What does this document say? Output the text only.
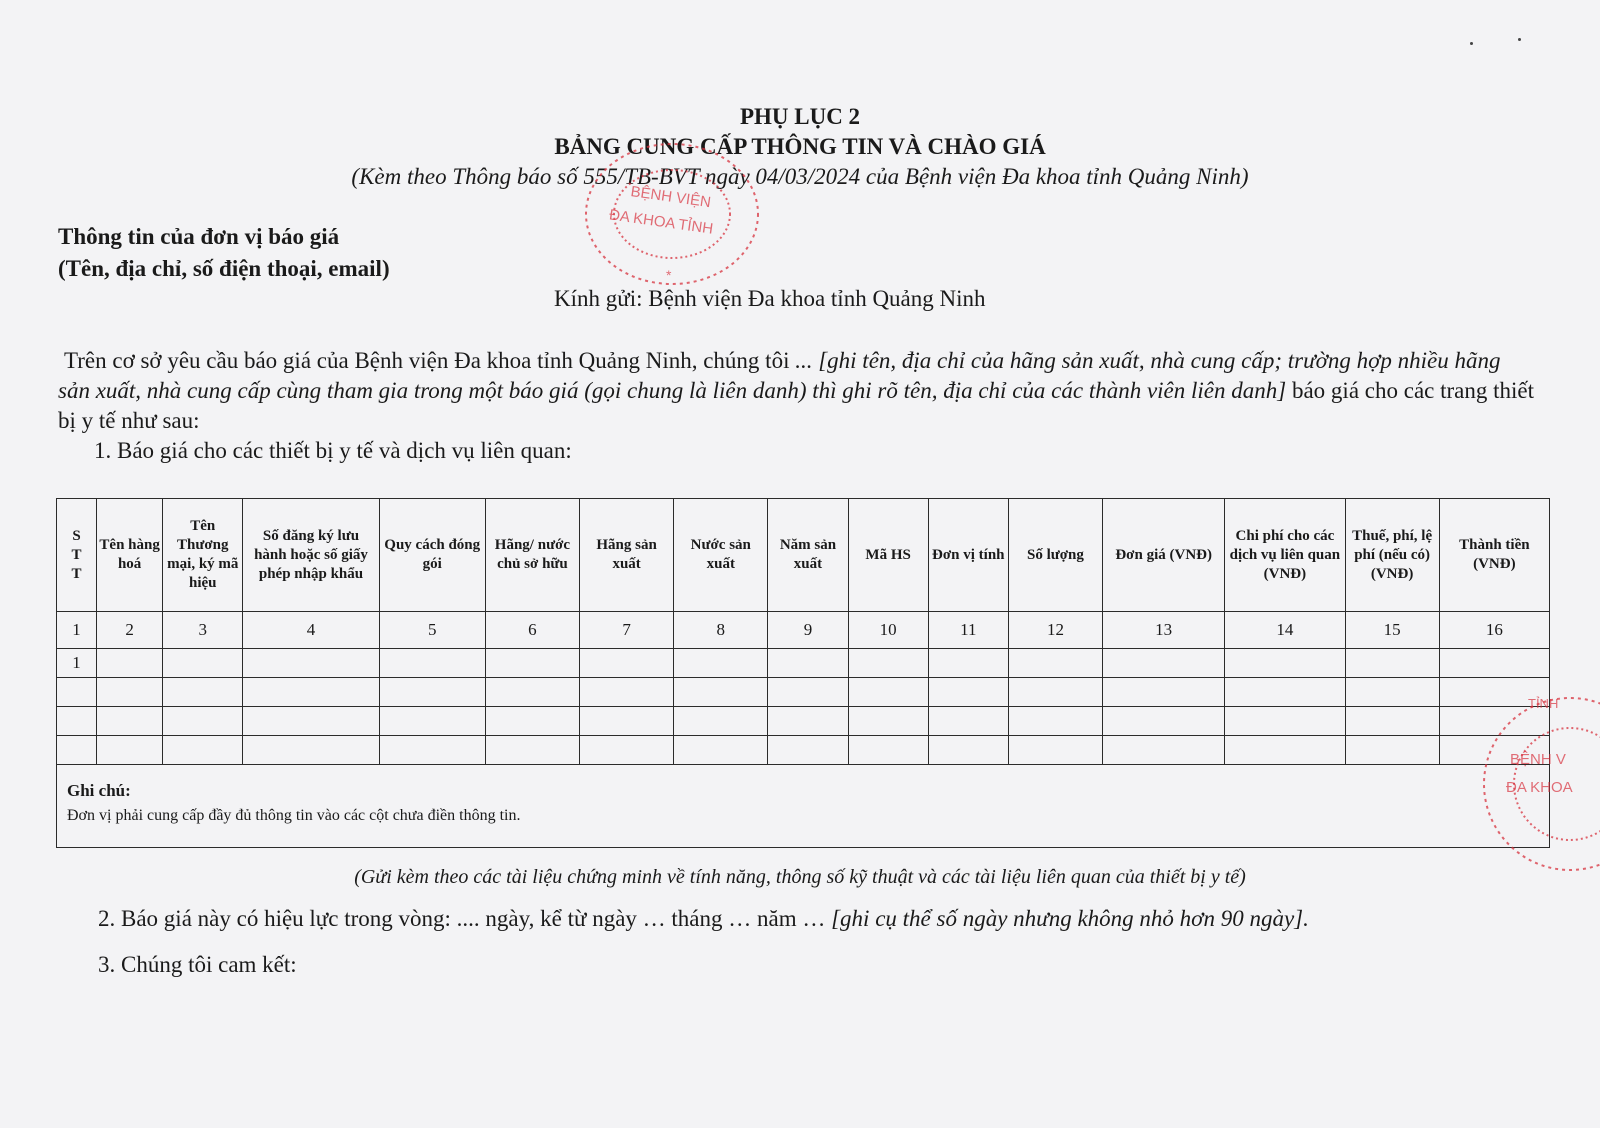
PHỤ LỤC 2
BẢNG CUNG CẤP THÔNG TIN VÀ CHÀO GIÁ
(Kèm theo Thông báo số 555/TB-BVT ngày 04/03/2024 của Bệnh viện Đa khoa tỉnh Quảng Ninh)
Thông tin của đơn vị báo giá
(Tên, địa chỉ, số điện thoại, email)
Kính gửi: Bệnh viện Đa khoa tỉnh Quảng Ninh
Trên cơ sở yêu cầu báo giá của Bệnh viện Đa khoa tỉnh Quảng Ninh, chúng tôi ... [ghi tên, địa chỉ của hãng sản xuất, nhà cung cấp; trường hợp nhiều hãng sản xuất, nhà cung cấp cùng tham gia trong một báo giá (gọi chung là liên danh) thì ghi rõ tên, địa chỉ của các thành viên liên danh] báo giá cho các trang thiết bị y tế như sau:
1. Báo giá cho các thiết bị y tế và dịch vụ liên quan:
S
T
T	Tên hàng hoá	Tên Thương mại, ký mã hiệu	Số đăng ký lưu hành hoặc số giấy phép nhập khẩu	Quy cách đóng gói	Hãng/ nước chủ sở hữu	Hãng sản xuất	Nước sản xuất	Năm sản xuất	Mã HS	Đơn vị tính	Số lượng	Đơn giá (VNĐ)	Chi phí cho các dịch vụ liên quan (VNĐ)	Thuế, phí, lệ phí (nếu có) (VNĐ)	Thành tiền (VNĐ)
1	2	3	4	5	6	7	8	9	10	11	12	13	14	15	16
1															

Ghi chú:
Đơn vị phải cung cấp đầy đủ thông tin vào các cột chưa điền thông tin.															
(Gửi kèm theo các tài liệu chứng minh về tính năng, thông số kỹ thuật và các tài liệu liên quan của thiết bị y tế)
2. Báo giá này có hiệu lực trong vòng: .... ngày, kể từ ngày … tháng … năm … [ghi cụ thể số ngày nhưng không nhỏ hơn 90 ngày].
3. Chúng tôi cam kết:
BỆNH VIỆN
ĐA KHOA TỈNH
*
TỈNH
BỆNH V
ĐA KHOA
